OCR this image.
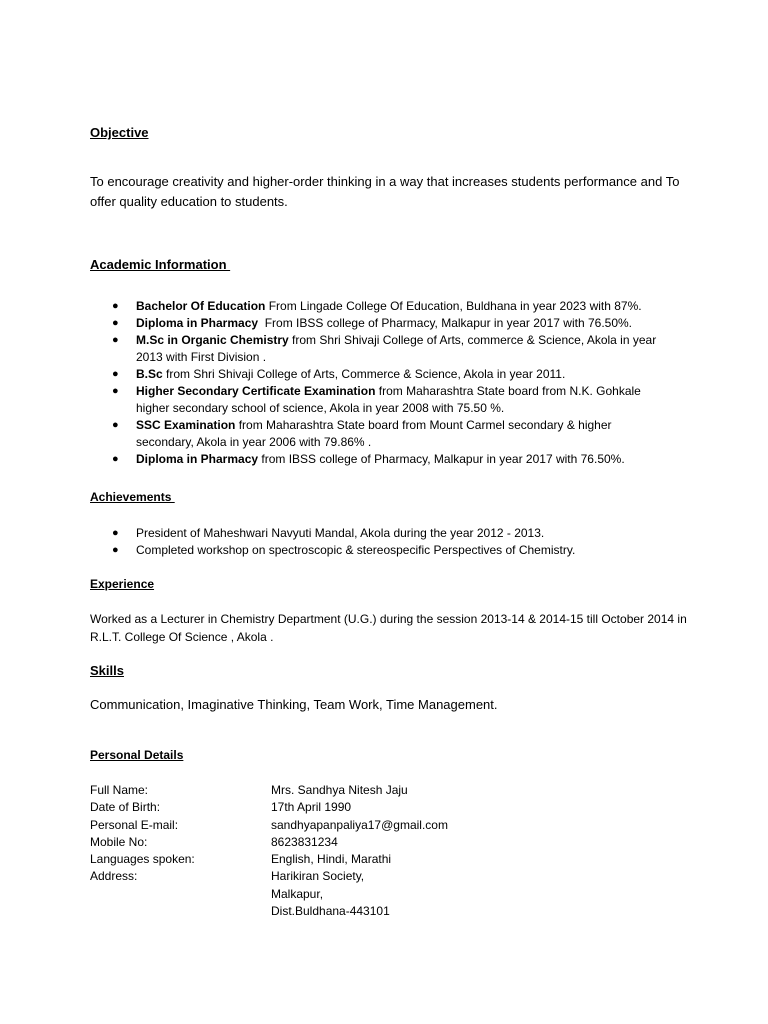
Objective
To encourage creativity and higher-order thinking in a way that increases students performance and To offer quality education to students.
Academic Information
● Bachelor Of Education From Lingade College Of Education, Buldhana in year 2023 with 87%.
● Diploma in Pharmacy  From IBSS college of Pharmacy, Malkapur in year 2017 with 76.50%.
● M.Sc in Organic Chemistry from Shri Shivaji College of Arts, commerce & Science, Akola in year 2013 with First Division .
● B.Sc from Shri Shivaji College of Arts, Commerce & Science, Akola in year 2011.
● Higher Secondary Certificate Examination from Maharashtra State board from N.K. Gohkale higher secondary school of science, Akola in year 2008 with 75.50 %.
● SSC Examination from Maharashtra State board from Mount Carmel secondary & higher secondary, Akola in year 2006 with 79.86% .
● Diploma in Pharmacy from IBSS college of Pharmacy, Malkapur in year 2017 with 76.50%.
Achievements
● President of Maheshwari Navyuti Mandal, Akola during the year 2012 - 2013.
● Completed workshop on spectroscopic & stereospecific Perspectives of Chemistry.
Experience
Worked as a Lecturer in Chemistry Department (U.G.) during the session 2013-14 & 2014-15 till October 2014 in R.L.T. College Of Science , Akola .
Skills
Communication, Imaginative Thinking, Team Work, Time Management.
Personal Details
Full Name:	Mrs. Sandhya Nitesh Jaju
Date of Birth:	17th April 1990
Personal E-mail:	sandhyapanpaliya17@gmail.com
Mobile No:	8623831234
Languages spoken:	English, Hindi, Marathi
Address:	Harikiran Society,
Malkapur,
Dist.Buldhana-443101
